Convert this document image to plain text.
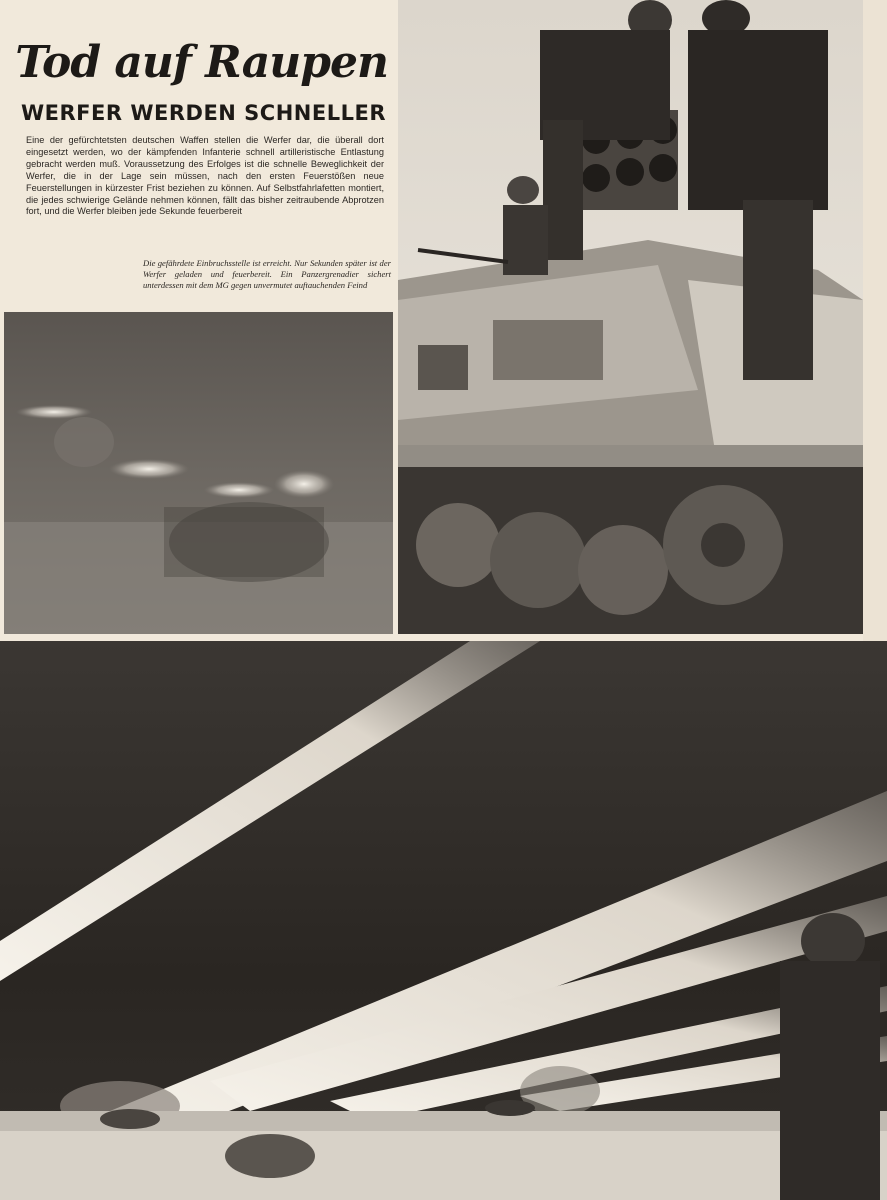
Tod auf Raupen
WERFER WERDEN SCHNELLER
Eine der gefürchtetsten deutschen Waffen stellen die Werfer dar, die überall dort eingesetzt werden, wo der kämpfenden Infanterie schnell artilleristische Entlastung gebracht werden muß. Voraussetzung des Erfolges ist die schnelle Beweglichkeit der Werfer, die in der Lage sein müssen, nach den ersten Feuerstößen neue Feuerstellungen in kürzester Frist beziehen zu können. Auf Selbstfahrlafetten montiert, die jedes schwierige Gelände nehmen können, fällt das bisher zeitraubende Abprotzen fort, und die Werfer bleiben jede Sekunde feuerbereit
Die gefährdete Einbruchsstelle ist erreicht. Nur Sekunden später ist der Werfer geladen und feuerbereit. Ein Panzergrenadier sichert unterdessen mit dem MG gegen unvermutet auftauchenden Feind
